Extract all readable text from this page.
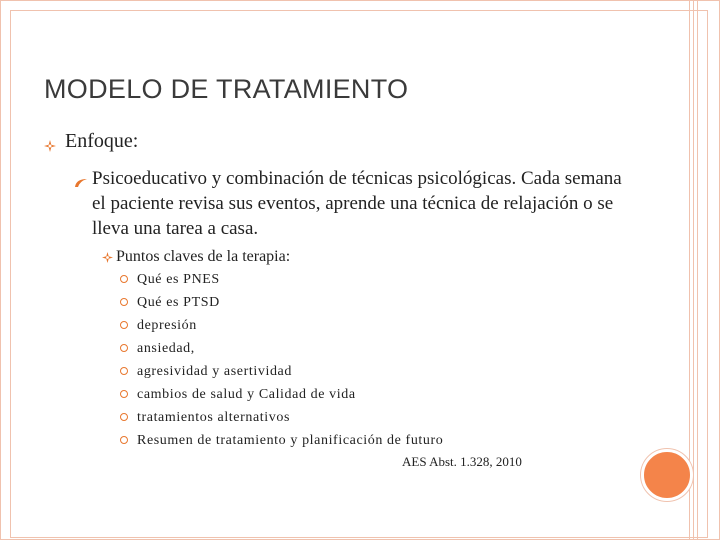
MODELO DE TRATAMIENTO
Enfoque:
Psicoeducativo y combinación de técnicas psicológicas. Cada semana el paciente revisa sus eventos, aprende una técnica de relajación o se lleva una tarea a casa.
Puntos claves de la terapia:
Qué es PNES
Qué es PTSD
depresión
ansiedad,
agresividad y asertividad
cambios de salud y Calidad de vida
tratamientos alternativos
Resumen de tratamiento y planificación de futuro
AES Abst. 1.328, 2010
